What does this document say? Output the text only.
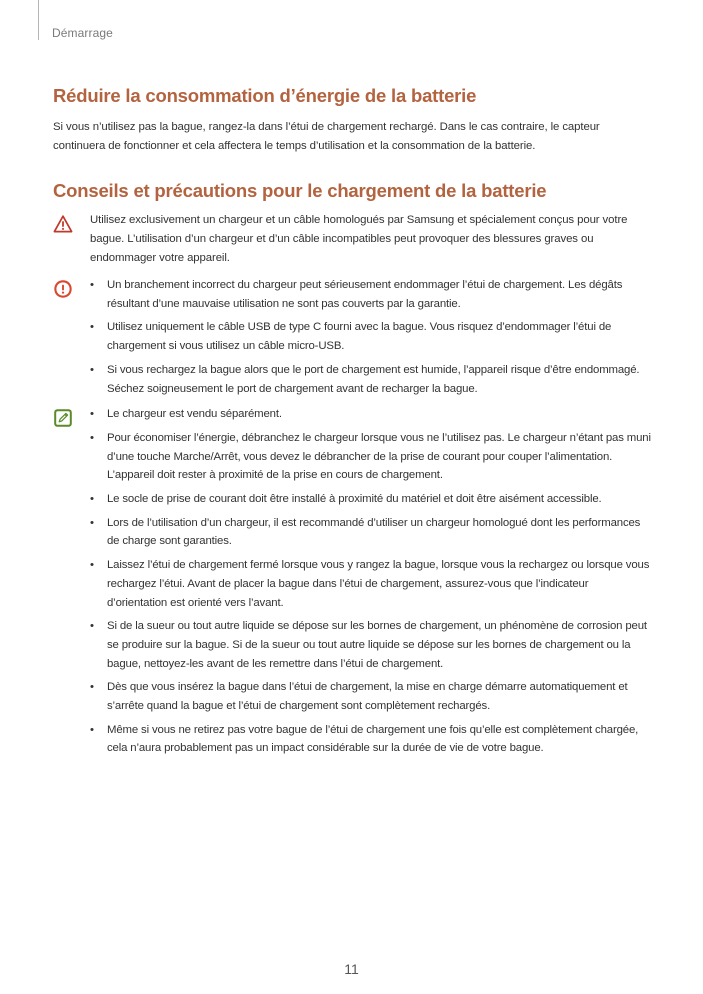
Démarrage
Réduire la consommation d’énergie de la batterie

Si vous n’utilisez pas la bague, rangez-la dans l’étui de chargement rechargé. Dans le cas contraire, le capteur continuera de fonctionner et cela affectera le temps d’utilisation et la consommation de la batterie.

Conseils et précautions pour le chargement de la batterie

Utilisez exclusivement un chargeur et un câble homologués par Samsung et spécialement conçus pour votre bague. L’utilisation d’un chargeur et d’un câble incompatibles peut provoquer des blessures graves ou endommager votre appareil.

• Un branchement incorrect du chargeur peut sérieusement endommager l’étui de chargement. Les dégâts résultant d’une mauvaise utilisation ne sont pas couverts par la garantie.
• Utilisez uniquement le câble USB de type C fourni avec la bague. Vous risquez d’endommager l’étui de chargement si vous utilisez un câble micro-USB.
• Si vous rechargez la bague alors que le port de chargement est humide, l’appareil risque d’être endommagé. Séchez soigneusement le port de chargement avant de recharger la bague.
• Le chargeur est vendu séparément.
• Pour économiser l’énergie, débranchez le chargeur lorsque vous ne l’utilisez pas. Le chargeur n’étant pas muni d’une touche Marche/Arrêt, vous devez le débrancher de la prise de courant pour couper l’alimentation. L’appareil doit rester à proximité de la prise en cours de chargement.
• Le socle de prise de courant doit être installé à proximité du matériel et doit être aisément accessible.
• Lors de l’utilisation d’un chargeur, il est recommandé d’utiliser un chargeur homologué dont les performances de charge sont garanties.
• Laissez l’étui de chargement fermé lorsque vous y rangez la bague, lorsque vous la rechargez ou lorsque vous rechargez l’étui. Avant de placer la bague dans l’étui de chargement, assurez-vous que l’indicateur d’orientation est orienté vers l’avant.
• Si de la sueur ou tout autre liquide se dépose sur les bornes de chargement, un phénomène de corrosion peut se produire sur la bague. Si de la sueur ou tout autre liquide se dépose sur les bornes de chargement ou la bague, nettoyez-les avant de les remettre dans l’étui de chargement.
• Dès que vous insérez la bague dans l’étui de chargement, la mise en charge démarre automatiquement et s’arrête quand la bague et l’étui de chargement sont complètement rechargés.
• Même si vous ne retirez pas votre bague de l’étui de chargement une fois qu’elle est complètement chargée, cela n’aura probablement pas un impact considérable sur la durée de vie de votre bague.
11
